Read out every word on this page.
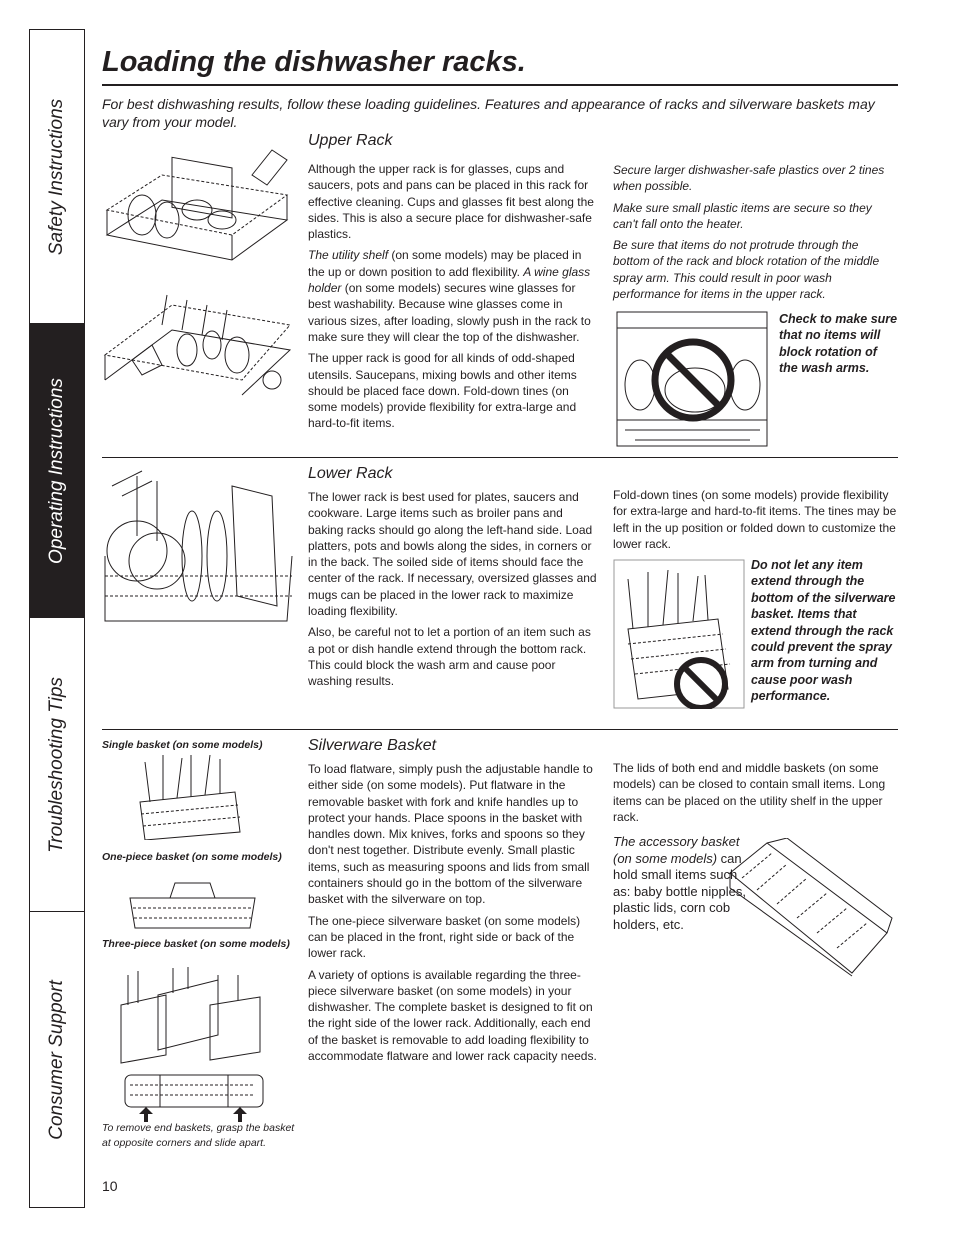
Safety Instructions
Operating Instructions
Troubleshooting Tips
Consumer Support
Loading the dishwasher racks.
For best dishwashing results, follow these loading guidelines. Features and appearance of racks and silverware baskets may vary from your model.
Upper Rack

Although the upper rack is for glasses, cups and saucers, pots and pans can be placed in this rack for effective cleaning. Cups and glasses fit best along the sides. This is also a secure place for dishwasher-safe plastics.

The utility shelf (on some models) may be placed in the up or down position to add flexibility. A wine glass holder (on some models) secures wine glasses for best washability. Because wine glasses come in various sizes, after loading, slowly push in the rack to make sure they will clear the top of the dishwasher.

The upper rack is good for all kinds of odd-shaped utensils. Saucepans, mixing bowls and other items should be placed face down. Fold-down tines (on some models) provide flexibility for extra-large and hard-to-fit items.

Secure larger dishwasher-safe plastics over 2 tines when possible.

Make sure small plastic items are secure so they can't fall onto the heater.

Be sure that items do not protrude through the bottom of the rack and block rotation of the middle spray arm. This could result in poor wash performance for items in the upper rack.

Check to make sure that no items will block rotation of the wash arms.
Lower Rack

The lower rack is best used for plates, saucers and cookware. Large items such as broiler pans and baking racks should go along the left-hand side. Load platters, pots and bowls along the sides, in corners or in the back. The soiled side of items should face the center of the rack. If necessary, oversized glasses and mugs can be placed in the lower rack to maximize loading flexibility.

Also, be careful not to let a portion of an item such as a pot or dish handle extend through the bottom rack. This could block the wash arm and cause poor washing results.

Fold-down tines (on some models) provide flexibility for extra-large and hard-to-fit items. The tines may be left in the up position or folded down to customize the lower rack.
Do not let any item extend through the bottom of the silverware basket. Items that extend through the rack could prevent the spray arm from turning and cause poor wash performance.
Single basket (on some models)
One-piece basket (on some models)
Three-piece basket (on some models)
To remove end baskets, grasp the basket at opposite corners and slide apart.
Silverware Basket

To load flatware, simply push the adjustable handle to either side (on some models). Put flatware in the removable basket with fork and knife handles up to protect your hands. Place spoons in the basket with handles down. Mix knives, forks and spoons so they don't nest together. Distribute evenly. Small plastic items, such as measuring spoons and lids from small containers should go in the bottom of the silverware basket with the silverware on top.

The one-piece silverware basket (on some models) can be placed in the front, right side or back of the lower rack.

A variety of options is available regarding the three-piece silverware basket (on some models) in your dishwasher. The complete basket is designed to fit on the right side of the lower rack. Additionally, each end of the basket is removable to add loading flexibility to accommodate flatware and lower rack capacity needs.

The lids of both end and middle baskets (on some models) can be closed to contain small items. Long items can be placed on the utility shelf in the upper rack.
The accessory basket (on some models) can hold small items such as: baby bottle nipples, plastic lids, corn cob holders, etc.
10
